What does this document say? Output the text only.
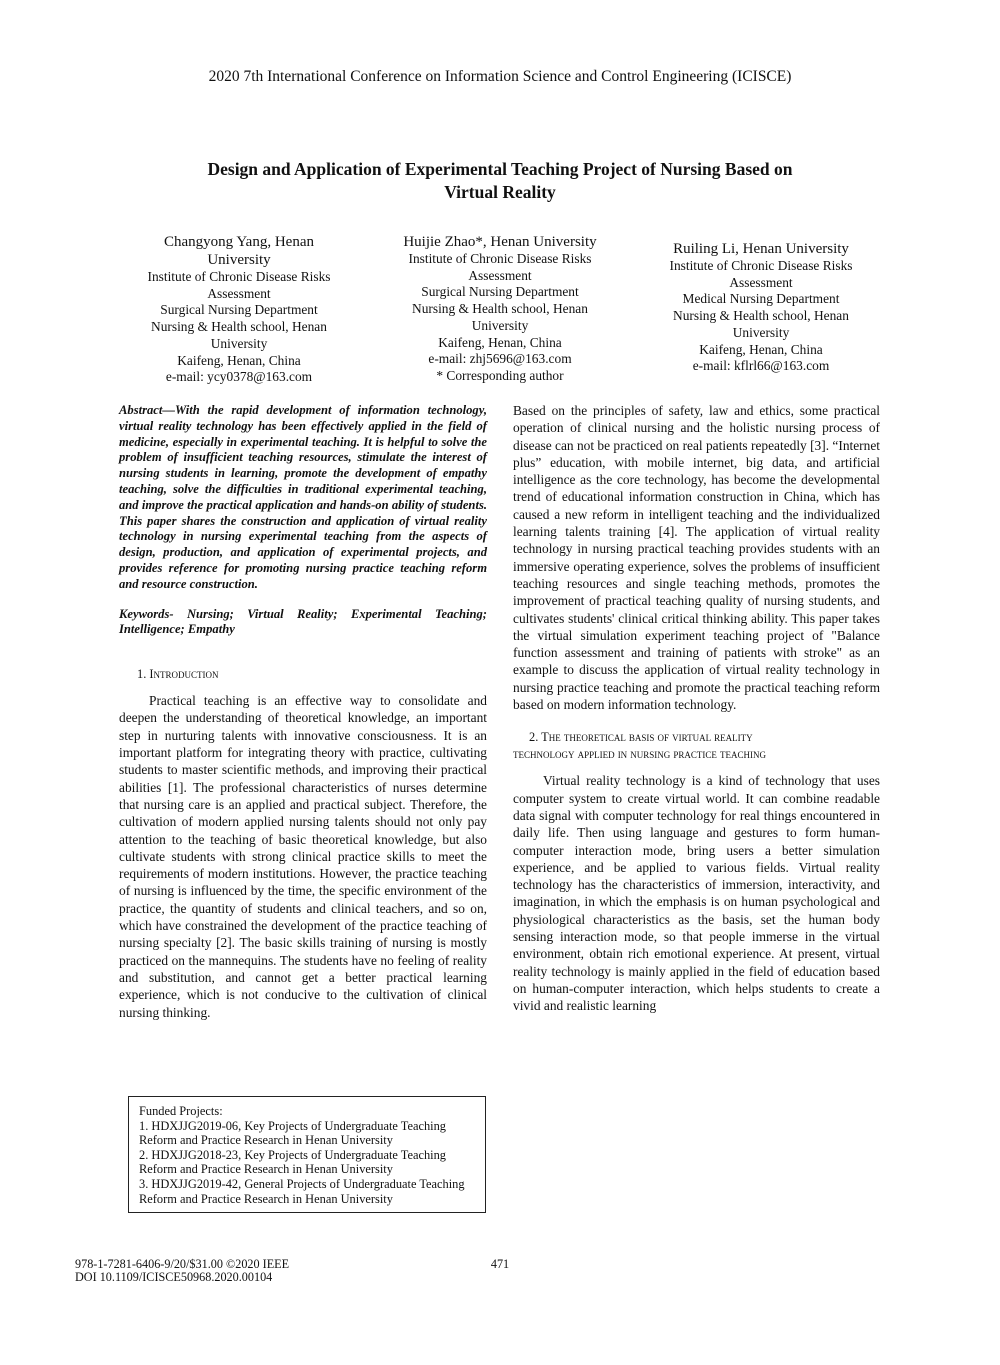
2020 7th International Conference on Information Science and Control Engineering (ICISCE)
Design and Application of Experimental Teaching Project of Nursing Based on
Virtual Reality
Changyong Yang, Henan
University
Institute of Chronic Disease Risks
Assessment
Surgical Nursing Department
Nursing & Health school, Henan
University
Kaifeng, Henan, China
e-mail: ycy0378@163.com
Huijie Zhao*, Henan University
Institute of Chronic Disease Risks
Assessment
Surgical Nursing Department
Nursing & Health school, Henan
University
Kaifeng, Henan, China
e-mail: zhj5696@163.com
* Corresponding author
Ruiling Li, Henan University
Institute of Chronic Disease Risks
Assessment
Medical Nursing Department
Nursing & Health school, Henan
University
Kaifeng, Henan, China
e-mail: kflrl66@163.com

Abstract—With the rapid development of information technology, virtual reality technology has been effectively applied in the field of medicine, especially in experimental teaching. It is helpful to solve the problem of insufficient teaching resources, stimulate the interest of nursing students in learning, promote the development of empathy teaching, solve the difficulties in traditional experimental teaching, and improve the practical application and hands-on ability of students. This paper shares the construction and application of virtual reality technology in nursing experimental teaching from the aspects of design, production, and application of experimental projects, and provides reference for promoting nursing practice teaching reform and resource construction.

Keywords- Nursing; Virtual Reality; Experimental Teaching; Intelligence; Empathy

1. Introduction

Practical teaching is an effective way to consolidate and deepen the understanding of theoretical knowledge, an important step in nurturing talents with innovative consciousness. It is an important platform for integrating theory with practice, cultivating students to master scientific methods, and improving their practical abilities [1]. The professional characteristics of nurses determine that nursing care is an applied and practical subject. Therefore, the cultivation of modern applied nursing talents should not only pay attention to the teaching of basic theoretical knowledge, but also cultivate students with strong clinical practice skills to meet the requirements of modern institutions. However, the practice teaching of nursing is influenced by the time, the specific environment of the practice, the quantity of students and clinical teachers, and so on, which have constrained the development of the practice teaching of nursing specialty [2]. The basic skills training of nursing is mostly practiced on the mannequins. The students have no feeling of reality and substitution, and cannot get a better practical learning experience, which is not conducive to the cultivation of clinical nursing thinking.

Based on the principles of safety, law and ethics, some practical operation of clinical nursing and the holistic nursing process of disease can not be practiced on real patients repeatedly [3]. “Internet plus” education, with mobile internet, big data, and artificial intelligence as the core technology, has become the developmental trend of educational information construction in China, which has caused a new reform in intelligent teaching and the individualized learning talents training [4]. The application of virtual reality technology in nursing practical teaching provides students with an immersive operating experience, solves the problems of insufficient teaching resources and single teaching methods, promotes the improvement of practical teaching quality of nursing students, and cultivates students' clinical critical thinking ability. This paper takes the virtual simulation experiment teaching project of "Balance function assessment and training of patients with stroke" as an example to discuss the application of virtual reality technology in nursing practice teaching and promote the practical teaching reform based on modern information technology.

2. The theoretical basis of virtual reality
technology applied in nursing practice teaching

Virtual reality technology is a kind of technology that uses computer system to create virtual world. It can combine readable data signal with computer technology for real things encountered in daily life. Then using language and gestures to form human-computer interaction mode, bring users a better simulation experience, and be applied to various fields. Virtual reality technology has the characteristics of immersion, interactivity, and imagination, in which the emphasis is on human psychological and physiological characteristics as the basis, set the human body sensing interaction mode, so that people immerse in the virtual environment, obtain rich emotional experience. At present, virtual reality technology is mainly applied in the field of education based on human-computer interaction, which helps students to create a vivid and realistic learning

Funded Projects:
1. HDXJJG2019-06, Key Projects of Undergraduate Teaching
Reform and Practice Research in Henan University
2. HDXJJG2018-23, Key Projects of Undergraduate Teaching
Reform and Practice Research in Henan University
3. HDXJJG2019-42, General Projects of Undergraduate Teaching
Reform and Practice Research in Henan University
978-1-7281-6406-9/20/$31.00 ©2020 IEEE
DOI 10.1109/ICISCE50968.2020.00104
471
